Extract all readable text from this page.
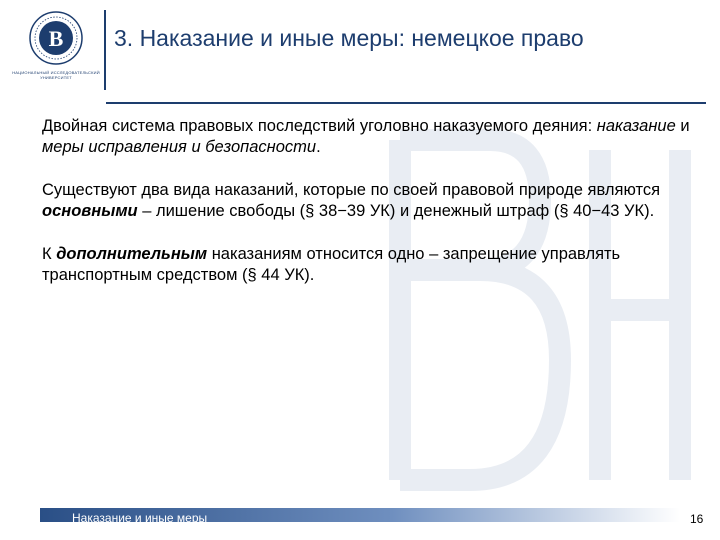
В
НАЦИОНАЛЬНЫЙ ИССЛЕДОВАТЕЛЬСКИЙ УНИВЕРСИТЕТ
3. Наказание и иные меры: немецкое право

Двойная система правовых последствий уголовно наказуемого деяния: наказание и меры исправления и безопасности.

Существуют два вида наказаний, которые по своей правовой природе являются основными – лишение свободы (§ 38−39 УК) и денежный штраф (§ 40−43 УК).

К дополнительным наказаниям относится одно – запрещение управлять транспортным средством (§ 44 УК).

Наказание и иные меры	16
